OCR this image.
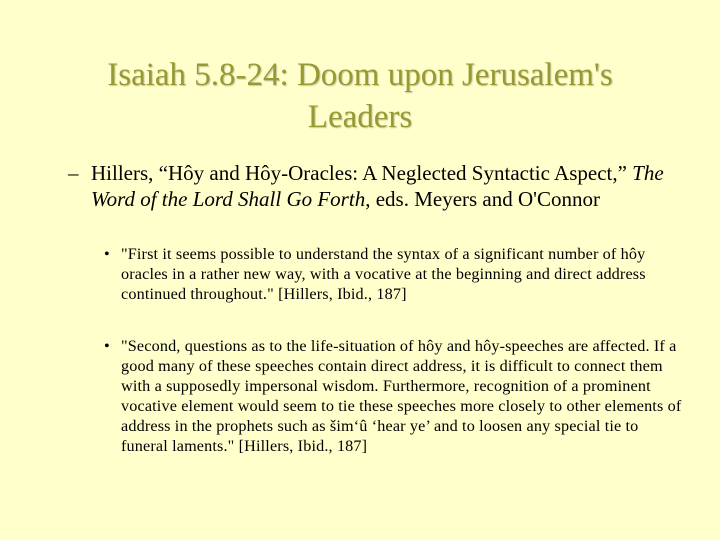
Isaiah 5.8-24: Doom upon Jerusalem's
Leaders
– Hillers, “Hôy and Hôy-Oracles: A Neglected Syntactic Aspect,” The Word of the Lord Shall Go Forth, eds. Meyers and O'Connor
• "First it seems possible to understand the syntax of a significant number of hôy oracles in a rather new way, with a vocative at the beginning and direct address continued throughout." [Hillers, Ibid., 187]
• "Second, questions as to the life-situation of hôy and hôy-speeches are affected. If a good many of these speeches contain direct address, it is difficult to connect them with a supposedly impersonal wisdom. Furthermore, recognition of a prominent vocative element would seem to tie these speeches more closely to other elements of address in the prophets such as šim‘û ‘hear ye’ and to loosen any special tie to funeral laments." [Hillers, Ibid., 187]
